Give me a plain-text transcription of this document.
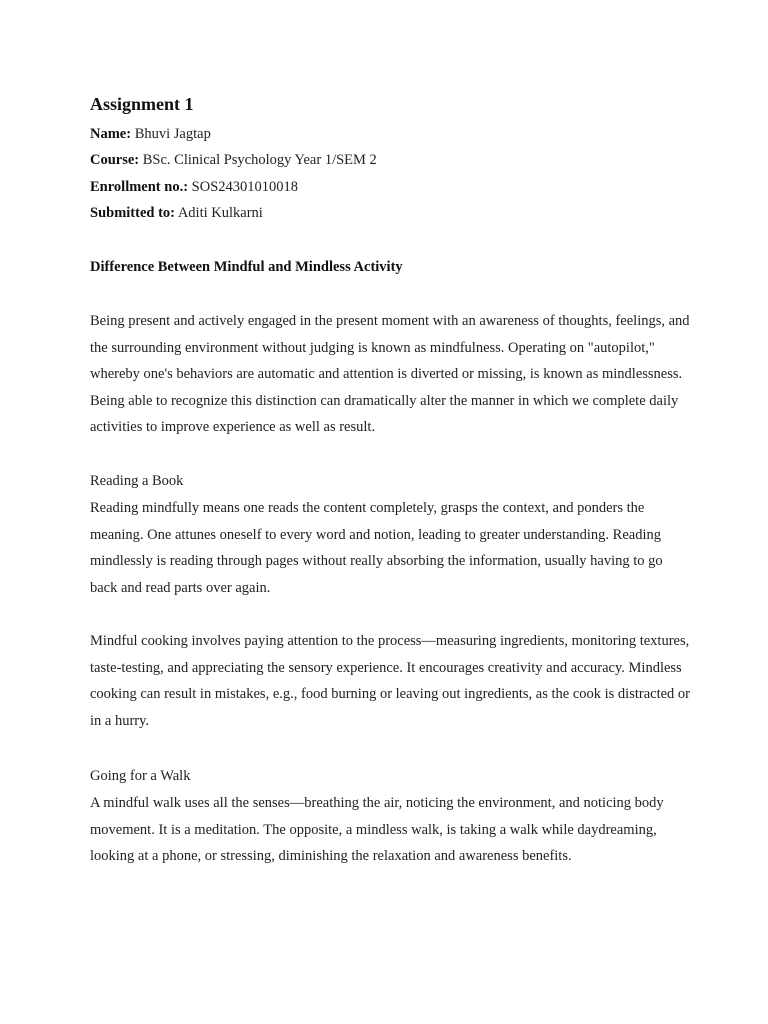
Assignment 1
Name: Bhuvi Jagtap
Course: BSc. Clinical Psychology Year 1/SEM 2
Enrollment no.: SOS24301010018
Submitted to: Aditi Kulkarni
Difference Between Mindful and Mindless Activity

Being present and actively engaged in the present moment with an awareness of thoughts, feelings, and the surrounding environment without judging is known as mindfulness. Operating on "autopilot," whereby one's behaviors are automatic and attention is diverted or missing, is known as mindlessness. Being able to recognize this distinction can dramatically alter the manner in which we complete daily activities to improve experience as well as result.

Reading a Book

Reading mindfully means one reads the content completely, grasps the context, and ponders the meaning. One attunes oneself to every word and notion, leading to greater understanding. Reading mindlessly is reading through pages without really absorbing the information, usually having to go back and read parts over again.

Mindful cooking involves paying attention to the process—measuring ingredients, monitoring textures, taste-testing, and appreciating the sensory experience. It encourages creativity and accuracy. Mindless cooking can result in mistakes, e.g., food burning or leaving out ingredients, as the cook is distracted or in a hurry.

Going for a Walk

A mindful walk uses all the senses—breathing the air, noticing the environment, and noticing body movement. It is a meditation. The opposite, a mindless walk, is taking a walk while daydreaming, looking at a phone, or stressing, diminishing the relaxation and awareness benefits.
